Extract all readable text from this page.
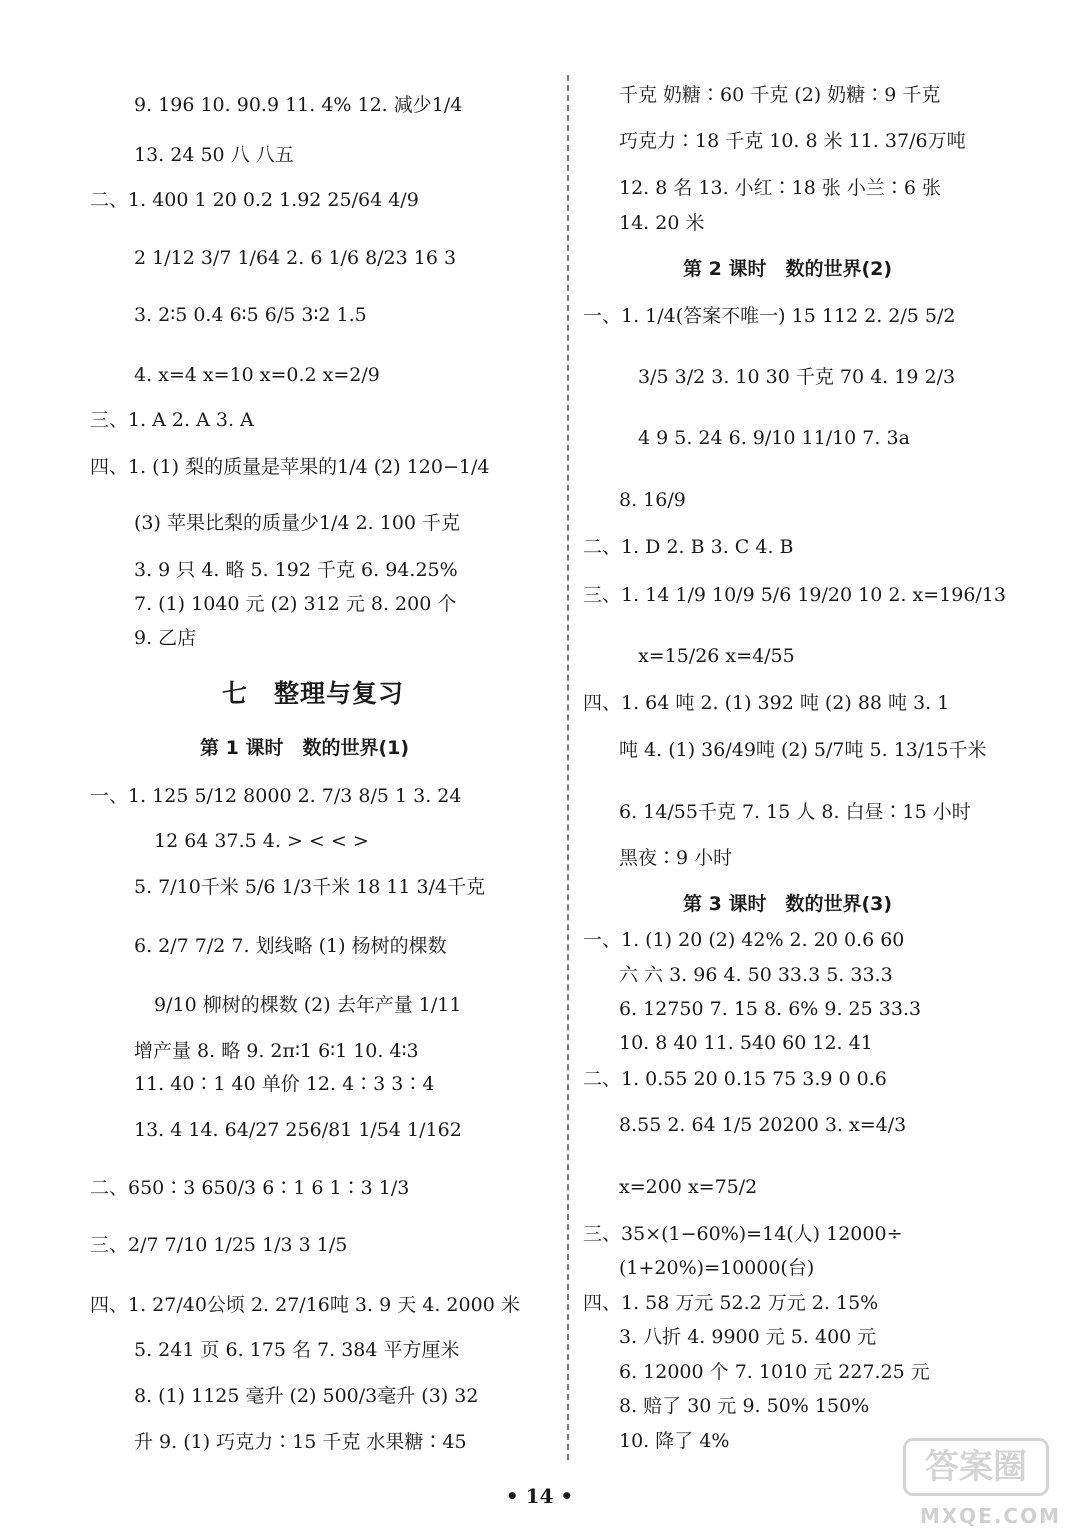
9. 196 10. 90.9 11. 4% 12. 减少1/4
13. 24 50 八 八五
二、1. 400 1 20 0.2 1.92 25/64 4/9
2 1/12 3/7 1/64 2. 6 1/6 8/23 16 3
3. 2∶5 0.4 6∶5 6/5 3∶2 1.5
4. x=4 x=10 x=0.2 x=2/9
三、1. A 2. A 3. A
四、1. (1) 梨的质量是苹果的1/4 (2) 120−1/4
(3) 苹果比梨的质量少1/4 2. 100 千克
3. 9 只 4. 略 5. 192 千克 6. 94.25%
7. (1) 1040 元 (2) 312 元 8. 200 个
9. 乙店
七　整理与复习
第 1 课时　数的世界(1)
一、1. 125 5/12 8000 2. 7/3 8/5 1 3. 24
12 64 37.5 4. > < < >
5. 7/10千米 5/6 1/3千米 18 11 3/4千克
6. 2/7 7/2 7. 划线略 (1) 杨树的棵数
9/10 柳树的棵数 (2) 去年产量 1/11
增产量 8. 略 9. 2π∶1 6∶1 10. 4∶3
11. 40∶1 40 单价 12. 4∶3 3∶4
13. 4 14. 64/27 256/81 1/54 1/162
二、650∶3 650/3 6∶1 6 1∶3 1/3
三、2/7 7/10 1/25 1/3 3 1/5
四、1. 27/40公顷 2. 27/16吨 3. 9 天 4. 2000 米
5. 241 页 6. 175 名 7. 384 平方厘米
8. (1) 1125 毫升 (2) 500/3毫升 (3) 32
升 9. (1) 巧克力∶15 千克 水果糖∶45
千克 奶糖∶60 千克 (2) 奶糖∶9 千克
巧克力∶18 千克 10. 8 米 11. 37/6万吨
12. 8 名 13. 小红∶18 张 小兰∶6 张
14. 20 米
第 2 课时　数的世界(2)
一、1. 1/4(答案不唯一) 15 112 2. 2/5 5/2
3/5 3/2 3. 10 30 千克 70 4. 19 2/3
4 9 5. 24 6. 9/10 11/10 7. 3a
8. 16/9
二、1. D 2. B 3. C 4. B
三、1. 14 1/9 10/9 5/6 19/20 10 2. x=196/13
x=15/26 x=4/55
四、1. 64 吨 2. (1) 392 吨 (2) 88 吨 3. 1
吨 4. (1) 36/49吨 (2) 5/7吨 5. 13/15千米
6. 14/55千克 7. 15 人 8. 白昼∶15 小时
黑夜∶9 小时
第 3 课时　数的世界(3)
一、1. (1) 20 (2) 42% 2. 20 0.6 60
六 六 3. 96 4. 50 33.3 5. 33.3
6. 12750 7. 15 8. 6% 9. 25 33.3
10. 8 40 11. 540 60 12. 41
二、1. 0.55 20 0.15 75 3.9 0 0.6
8.55 2. 64 1/5 20200 3. x=4/3
x=200 x=75/2
三、35×(1−60%)=14(人) 12000÷
(1+20%)=10000(台)
四、1. 58 万元 52.2 万元 2. 15%
3. 八折 4. 9900 元 5. 400 元
6. 12000 个 7. 1010 元 227.25 元
8. 赔了 30 元 9. 50% 150%
10. 降了 4%
• 14 •
答案圈
MXQE.COM
